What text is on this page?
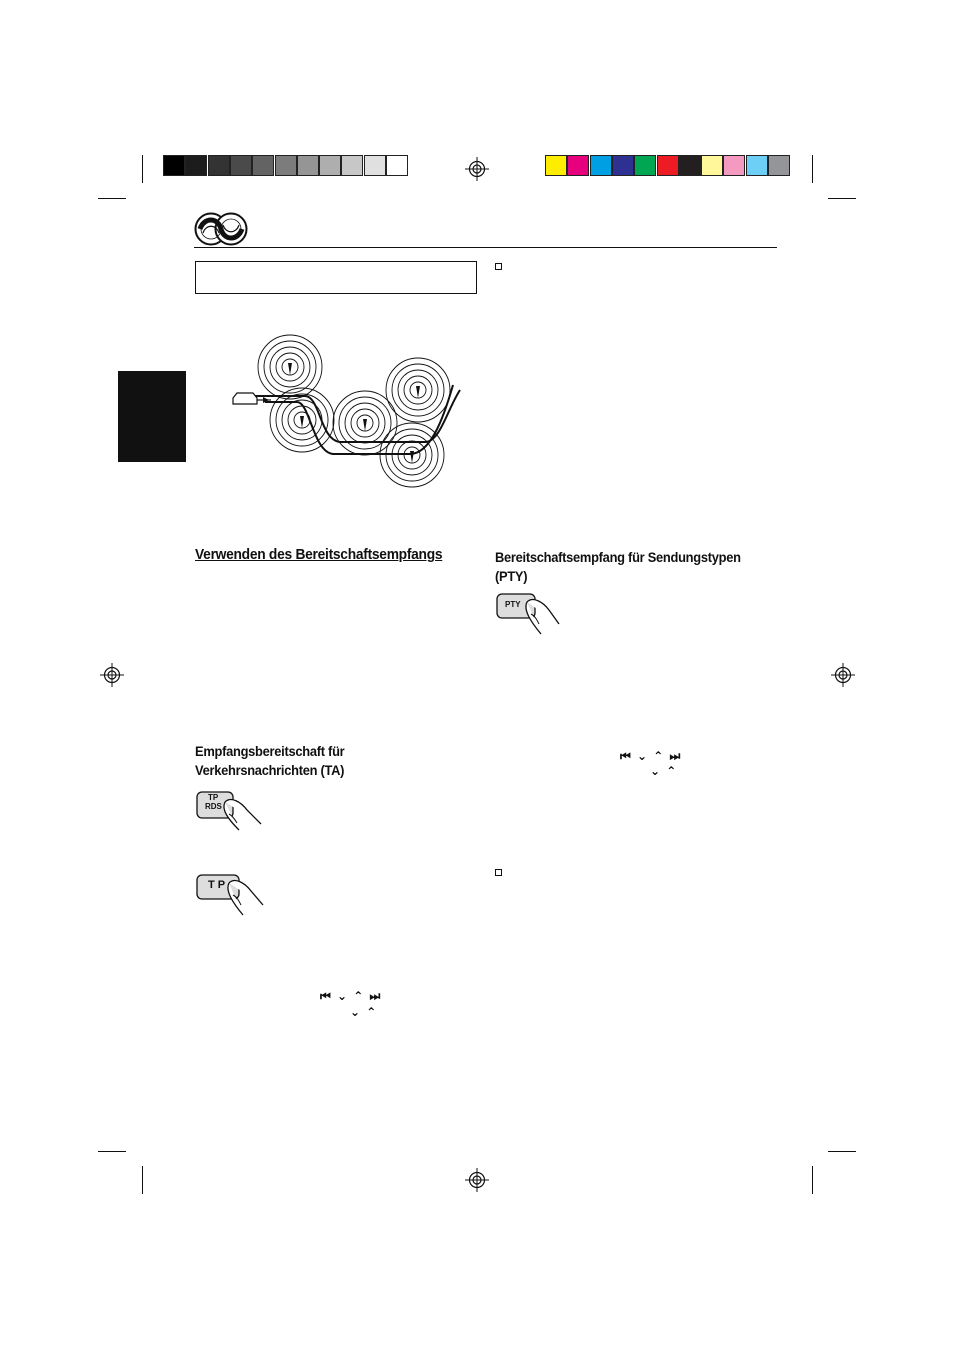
Verwenden des Bereitschaftsempfangs
Empfangsbereitschaft für
Verkehrsnachrichten (TA)
TP
RDS
T P
⏮ ⌄ ⌃ ⏭
⌄ ⌃
Bereitschaftsempfang für Sendungstypen
(PTY)
PTY
⏮ ⌄ ⌃ ⏭
⌄ ⌃
